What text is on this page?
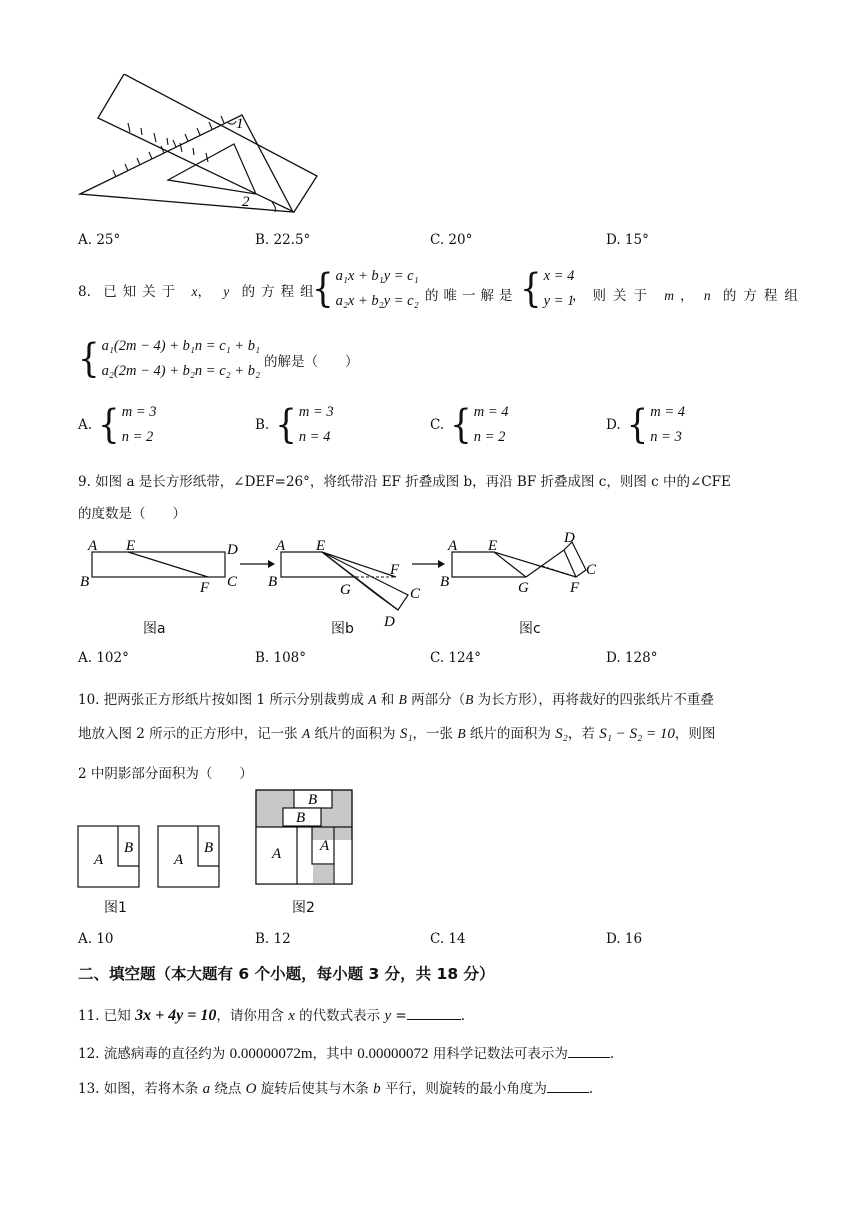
1
2
A. 25°	B. 22.5°	C. 20°	D. 15°
8. 已知关于 x， y 的方程组
{ a₁x + b₁y = c₁
a₂x + b₂y = c₂ 的唯一解是 { x = 4
y = 1
，则关于 m ， n 的方程组
{ a₁(2m − 4) + b₁n = c₁ + b₁
a₂(2m − 4) + b₂n = c₂ + b₂
的解是（　　）
A. { m = 3
n = 2
B. { m = 3
n = 4
C. { m = 4
n = 2
D. { m = 4
n = 3
9. 如图 a 是长方形纸带，∠DEF=26°，将纸带沿 EF 折叠成图 b，再沿 BF 折叠成图 c，则图 c 中的∠CFE
的度数是（　　）
A E	D
B	F C
A E
B	G
F
C
D
A E
B	G	F
C
D
图a	图b	图c
A. 102°	B. 108°	C. 124°	D. 128°
10. 把两张正方形纸片按如图 1 所示分别裁剪成 A 和 B 两部分（B 为长方形），再将裁好的四张纸片不重叠
地放入图 2 所示的正方形中，记一张 A 纸片的面积为 S₁，一张 B 纸片的面积为 S₂，若 S₁ − S₂ = 10，则图
2 中阴影部分面积为（　　）
A
B
A
B
B
B
A	A
图1	图2
A. 10	B. 12	C. 14	D. 16
二、填空题（本大题有 6 个小题，每小题 3 分，共 18 分）
11. 已知 3x + 4y = 10，请你用含 x 的代数式表示 y =	.
12. 流感病毒的直径约为 0.00000072m，其中 0.00000072 用科学记数法可表示为	.
13. 如图，若将木条 a 绕点 O 旋转后使其与木条 b 平行，则旋转的最小角度为	.
